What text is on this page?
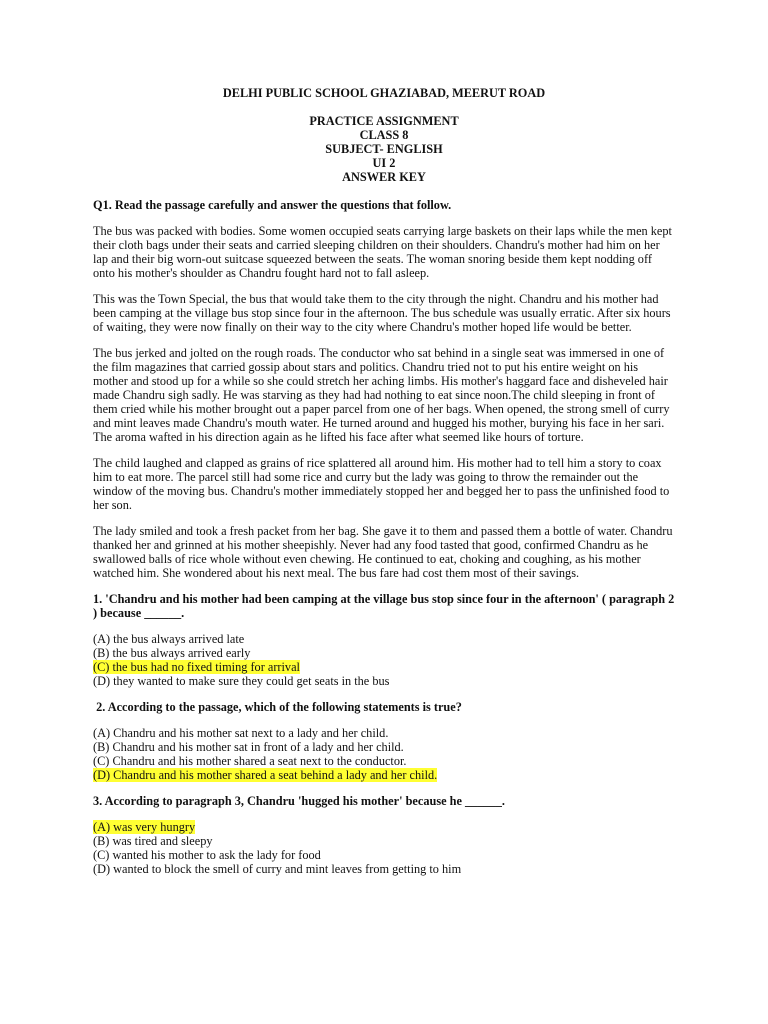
DELHI PUBLIC SCHOOL GHAZIABAD, MEERUT ROAD
PRACTICE ASSIGNMENT
CLASS 8
SUBJECT- ENGLISH
UI 2
ANSWER KEY
Q1. Read the passage carefully and answer the questions that follow.

The bus was packed with bodies. Some women occupied seats carrying large baskets on their laps while the men kept their cloth bags under their seats and carried sleeping children on their shoulders. Chandru's mother had him on her lap and their big worn-out suitcase squeezed between the seats. The woman snoring beside them kept nodding off onto his mother's shoulder as Chandru fought hard not to fall asleep.

This was the Town Special, the bus that would take them to the city through the night. Chandru and his mother had been camping at the village bus stop since four in the afternoon. The bus schedule was usually erratic. After six hours of waiting, they were now finally on their way to the city where Chandru's mother hoped life would be better.

The bus jerked and jolted on the rough roads. The conductor who sat behind in a single seat was immersed in one of the film magazines that carried gossip about stars and politics. Chandru tried not to put his entire weight on his mother and stood up for a while so she could stretch her aching limbs. His mother's haggard face and disheveled hair made Chandru sigh sadly. He was starving as they had had nothing to eat since noon.The child sleeping in front of them cried while his mother brought out a paper parcel from one of her bags. When opened, the strong smell of curry and mint leaves made Chandru's mouth water. He turned around and hugged his mother, burying his face in her sari. The aroma wafted in his direction again as he lifted his face after what seemed like hours of torture.

The child laughed and clapped as grains of rice splattered all around him. His mother had to tell him a story to coax him to eat more. The parcel still had some rice and curry but the lady was going to throw the remainder out the window of the moving bus. Chandru's mother immediately stopped her and begged her to pass the unfinished food to her son.

The lady smiled and took a fresh packet from her bag. She gave it to them and passed them a bottle of water. Chandru thanked her and grinned at his mother sheepishly. Never had any food tasted that good, confirmed Chandru as he swallowed balls of rice whole without even chewing. He continued to eat, choking and coughing, as his mother watched him. She wondered about his next meal. The bus fare had cost them most of their savings.

1. 'Chandru and his mother had been camping at the village bus stop since four in the afternoon' ( paragraph 2 ) because ______.
(A) the bus always arrived late
(B) the bus always arrived early
(C) the bus had no fixed timing for arrival
(D) they wanted to make sure they could get seats in the bus
2. According to the passage, which of the following statements is true?
(A) Chandru and his mother sat next to a lady and her child.
(B) Chandru and his mother sat in front of a lady and her child.
(C) Chandru and his mother shared a seat next to the conductor.
(D) Chandru and his mother shared a seat behind a lady and her child.
3. According to paragraph 3, Chandru 'hugged his mother' because he ______.
(A) was very hungry
(B) was tired and sleepy
(C) wanted his mother to ask the lady for food
(D) wanted to block the smell of curry and mint leaves from getting to him
